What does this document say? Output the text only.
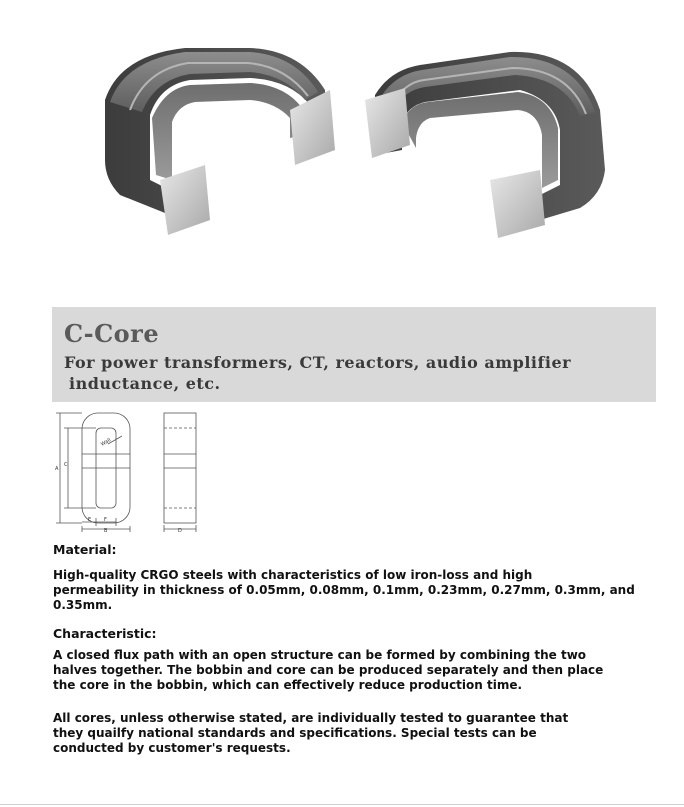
C-Core
For power transformers, CT, reactors, audio amplifier
inductance, etc.
A
C
E	F
B	D
Wall
Material:
High-quality CRGO steels with characteristics of low iron-loss and high
permeability in thickness of 0.05mm, 0.08mm, 0.1mm, 0.23mm, 0.27mm, 0.3mm, and
0.35mm.
Characteristic:
A closed flux path with an open structure can be formed by combining the two
halves together. The bobbin and core can be produced separately and then place
the core in the bobbin, which can effectively reduce production time.
All cores, unless otherwise stated, are individually tested to guarantee that
they quailfy national standards and specifications. Special tests can be
conducted by customer's requests.
